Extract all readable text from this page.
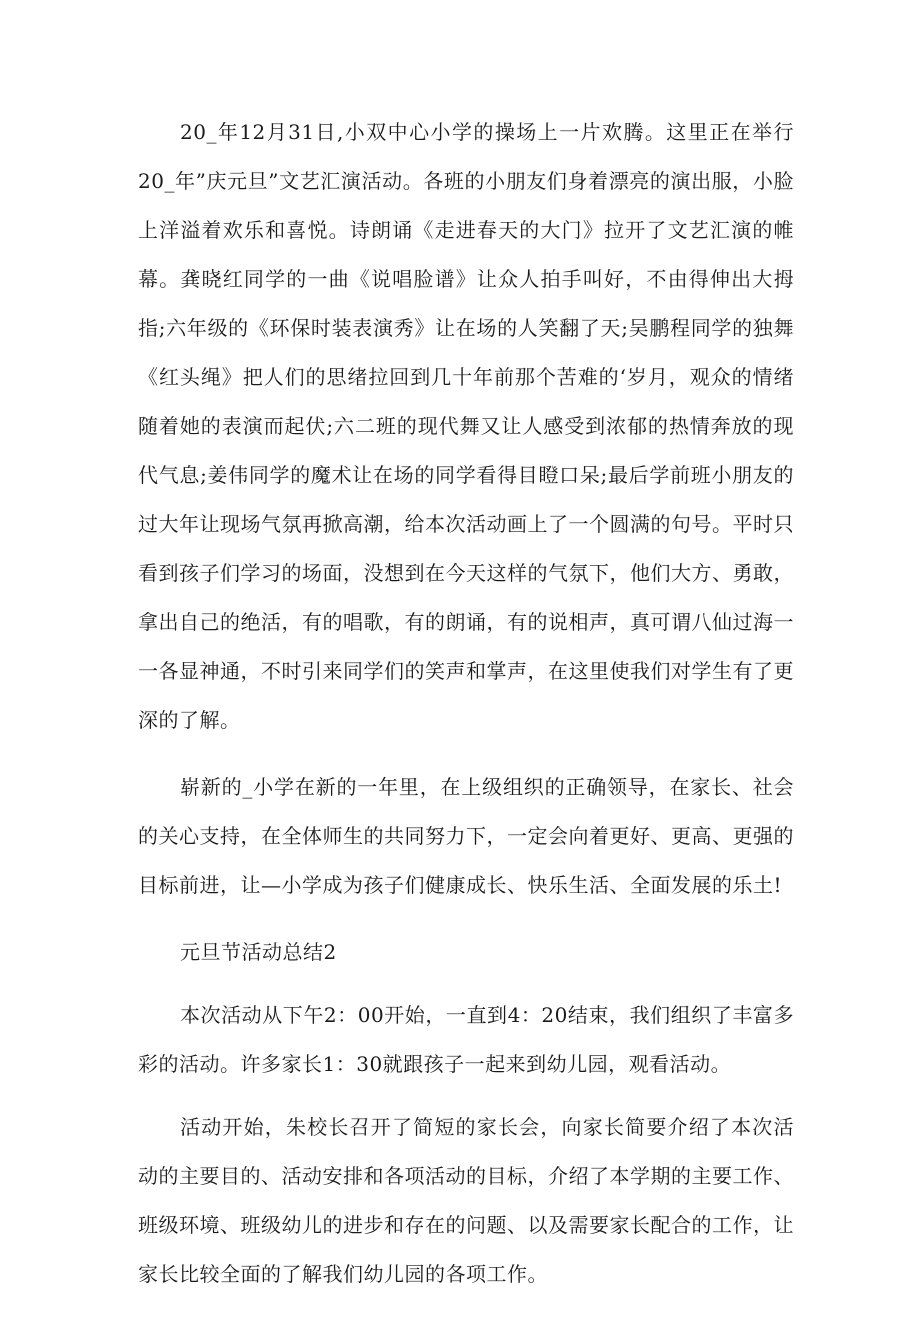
20_年12月31日,小双中心小学的操场上一片欢腾。这里正在举行20_年”庆元旦”文艺汇演活动。各班的小朋友们身着漂亮的演出服，小脸上洋溢着欢乐和喜悦。诗朗诵《走进春天的大门》拉开了文艺汇演的帷幕。龚晓红同学的一曲《说唱脸谱》让众人拍手叫好，不由得伸出大拇指;六年级的《环保时装表演秀》让在场的人笑翻了天;吴鹏程同学的独舞《红头绳》把人们的思绪拉回到几十年前那个苦难的‘岁月，观众的情绪随着她的表演而起伏;六二班的现代舞又让人感受到浓郁的热情奔放的现代气息;姜伟同学的魔术让在场的同学看得目瞪口呆;最后学前班小朋友的过大年让现场气氛再掀高潮，给本次活动画上了一个圆满的句号。平时只看到孩子们学习的场面，没想到在今天这样的气氛下，他们大方、勇敢，拿出自己的绝活，有的唱歌，有的朗诵，有的说相声，真可谓八仙过海一一各显神通，不时引来同学们的笑声和掌声，在这里使我们对学生有了更深的了解。

崭新的_小学在新的一年里，在上级组织的正确领导，在家长、社会的关心支持，在全体师生的共同努力下，一定会向着更好、更高、更强的目标前进，让—小学成为孩子们健康成长、快乐生活、全面发展的乐土!

元旦节活动总结2

本次活动从下午2：00开始，一直到4：20结束，我们组织了丰富多彩的活动。许多家长1：30就跟孩子一起来到幼儿园，观看活动。

活动开始，朱校长召开了简短的家长会，向家长简要介绍了本次活动的主要目的、活动安排和各项活动的目标，介绍了本学期的主要工作、班级环境、班级幼儿的进步和存在的问题、以及需要家长配合的工作，让家长比较全面的了解我们幼儿园的各项工作。
